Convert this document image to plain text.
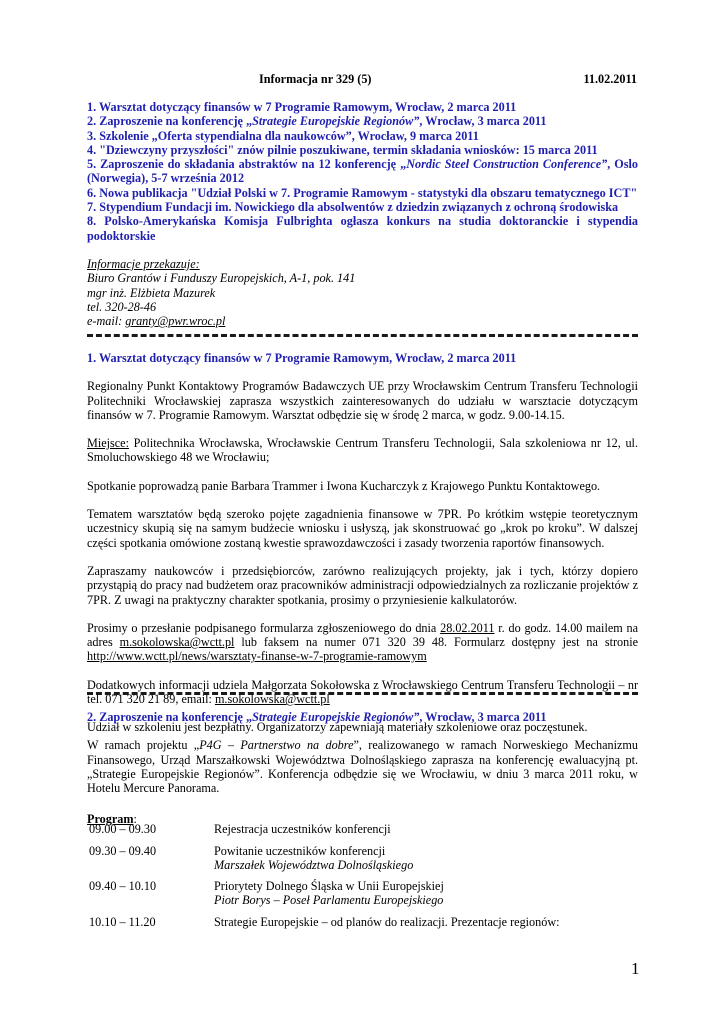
Informacja nr 329 (5)	11.02.2011
1. Warsztat dotyczący finansów w 7 Programie Ramowym, Wrocław, 2 marca 2011
2. Zaproszenie na konferencję „Strategie Europejskie Regionów”, Wrocław, 3 marca 2011
3. Szkolenie „Oferta stypendialna dla naukowców”, Wrocław, 9 marca 2011
4. "Dziewczyny przyszłości" znów pilnie poszukiwane, termin składania wniosków: 15 marca 2011
5. Zaproszenie do składania abstraktów na 12 konferencję „Nordic Steel Construction Conference”, Oslo (Norwegia), 5-7 września 2012
6. Nowa publikacja "Udział Polski w 7. Programie Ramowym - statystyki dla obszaru tematycznego ICT"
7. Stypendium Fundacji im. Nowickiego dla absolwentów z dziedzin związanych z ochroną środowiska
8. Polsko-Amerykańska Komisja Fulbrighta ogłasza konkurs na studia doktoranckie i stypendia podoktorskie
Informacje przekazuje:
Biuro Grantów i Funduszy Europejskich, A-1, pok. 141
mgr inż. Elżbieta Mazurek
tel. 320-28-46
e-mail: granty@pwr.wroc.pl
1. Warsztat dotyczący finansów w 7 Programie Ramowym, Wrocław, 2 marca 2011

Regionalny Punkt Kontaktowy Programów Badawczych UE przy Wrocławskim Centrum Transferu Technologii Politechniki Wrocławskiej zaprasza wszystkich zainteresowanych do udziału w warsztacie dotyczącym finansów w 7. Programie Ramowym. Warsztat odbędzie się w środę 2 marca, w godz. 9.00-14.15.

Miejsce: Politechnika Wrocławska, Wrocławskie Centrum Transferu Technologii, Sala szkoleniowa nr 12, ul. Smoluchowskiego 48 we Wrocławiu;

Spotkanie poprowadzą panie Barbara Trammer i Iwona Kucharczyk z Krajowego Punktu Kontaktowego.

Tematem warsztatów będą szeroko pojęte zagadnienia finansowe w 7PR. Po krótkim wstępie teoretycznym uczestnicy skupią się na samym budżecie wniosku i usłyszą, jak skonstruować go „krok po kroku”. W dalszej części spotkania omówione zostaną kwestie sprawozdawczości i zasady tworzenia raportów finansowych.

Zapraszamy naukowców i przedsiębiorców, zarówno realizujących projekty, jak i tych, którzy dopiero przystąpią do pracy nad budżetem oraz pracowników administracji odpowiedzialnych za rozliczanie projektów z 7PR. Z uwagi na praktyczny charakter spotkania, prosimy o przyniesienie kalkulatorów.

Prosimy o przesłanie podpisanego formularza zgłoszeniowego do dnia 28.02.2011 r. do godz. 14.00 mailem na adres m.sokolowska@wctt.pl lub faksem na numer 071 320 39 48. Formularz dostępny jest na stronie http://www.wctt.pl/news/warsztaty-finanse-w-7-programie-ramowym

Dodatkowych informacji udziela Małgorzata Sokołowska z Wrocławskiego Centrum Transferu Technologii – nr tel. 071 320 21 89, email: m.sokolowska@wctt.pl

Udział w szkoleniu jest bezpłatny. Organizatorzy zapewniają materiały szkoleniowe oraz poczęstunek.

2. Zaproszenie na konferencję „Strategie Europejskie Regionów”, Wrocław, 3 marca 2011

W ramach projektu „P4G – Partnerstwo na dobre”, realizowanego w ramach Norweskiego Mechanizmu Finansowego, Urząd Marszałkowski Województwa Dolnośląskiego zaprasza na konferencję ewaluacyjną pt. „Strategie Europejskie Regionów”. Konferencja odbędzie się we Wrocławiu, w dniu 3 marca 2011 roku, w Hotelu Mercure Panorama.

Program:
09.00 – 09.30	Rejestracja uczestników konferencji
09.30 – 09.40	Powitanie uczestników konferencji
Marszałek Województwa Dolnośląskiego
09.40 – 10.10	Priorytety Dolnego Śląska w Unii Europejskiej
Piotr Borys – Poseł Parlamentu Europejskiego
10.10 – 11.20	Strategie Europejskie – od planów do realizacji. Prezentacje regionów:
1
